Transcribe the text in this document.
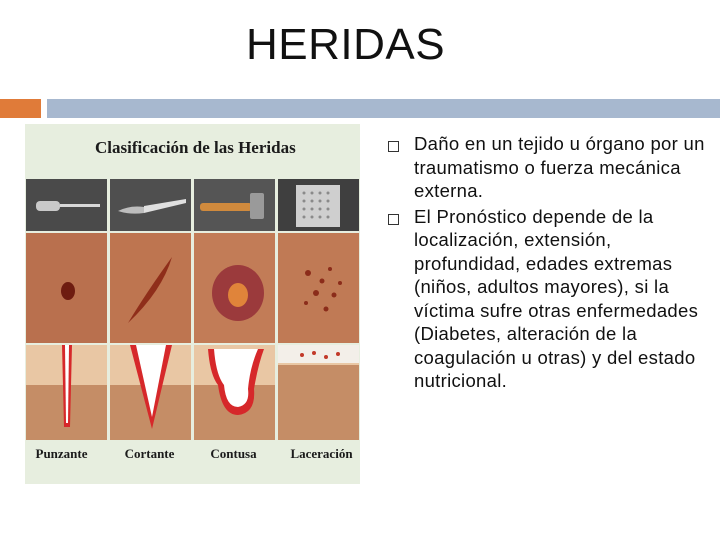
HERIDAS
Clasificación de las Heridas
Punzante	Cortante	Contusa	Laceración
Daño en un tejido u órgano por un traumatismo o fuerza mecánica externa.
El Pronóstico depende de la localización, extensión, profundidad, edades extremas (niños, adultos mayores), si la víctima sufre otras enfermedades (Diabetes, alteración de la coagulación u otras) y del estado nutricional.
